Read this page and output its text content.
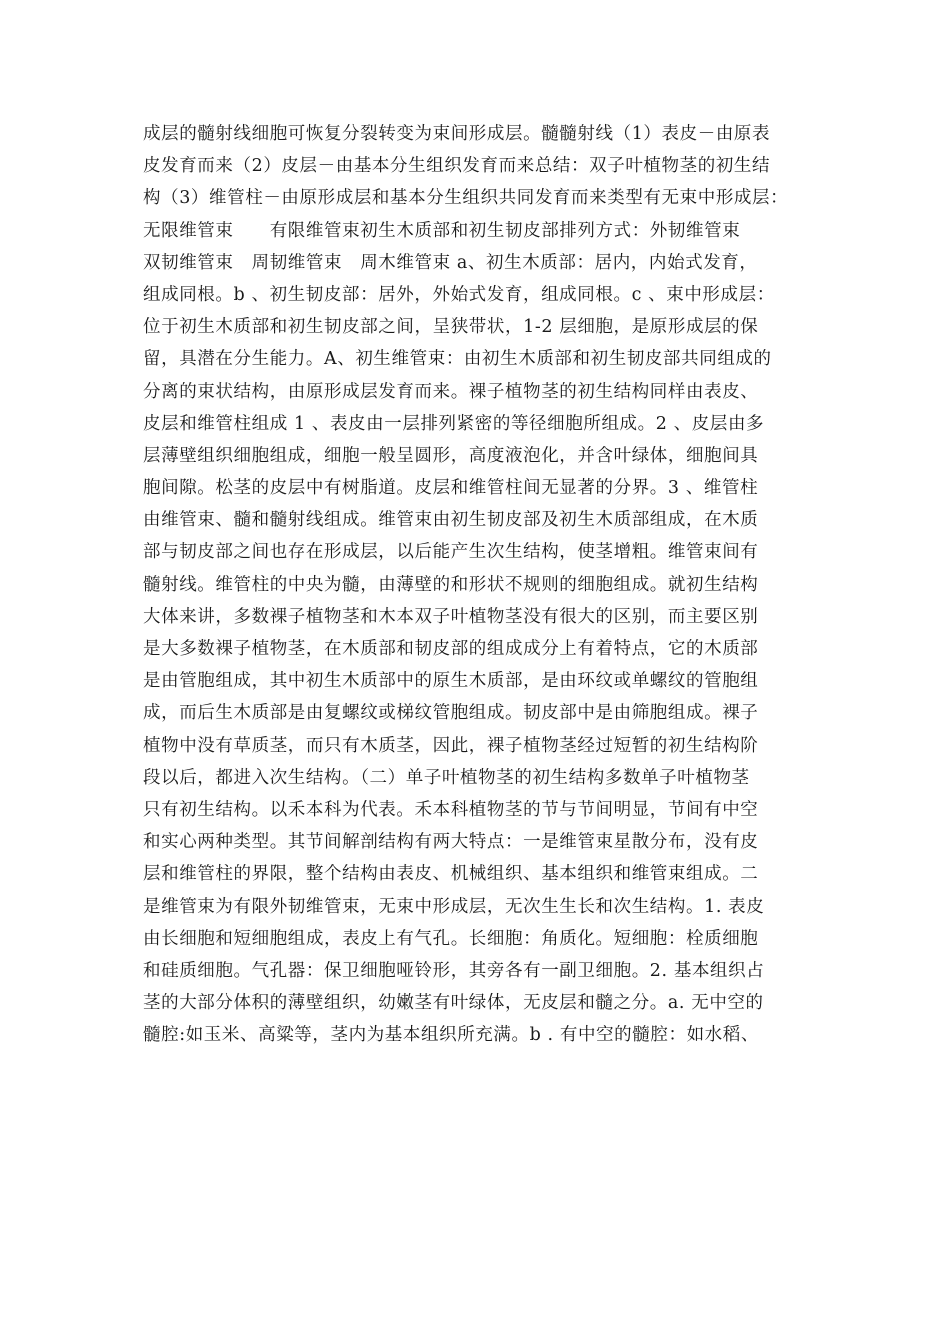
成层的髓射线细胞可恢复分裂转变为束间形成层。髓髓射线（1）表皮－由原表
皮发育而来（2）皮层－由基本分生组织发育而来总结：双子叶植物茎的初生结
构（3）维管柱－由原形成层和基本分生组织共同发育而来类型有无束中形成层：
无限维管束　　有限维管束初生木质部和初生韧皮部排列方式：外韧维管束
双韧维管束　周韧维管束　周木维管束 a、初生木质部：居内，内始式发育，
组成同根。b 、初生韧皮部：居外，外始式发育，组成同根。c 、束中形成层：
位于初生木质部和初生韧皮部之间，呈狭带状，1-2 层细胞，是原形成层的保
留，具潜在分生能力。A、初生维管束：由初生木质部和初生韧皮部共同组成的
分离的束状结构，由原形成层发育而来。裸子植物茎的初生结构同样由表皮、
皮层和维管柱组成 1 、表皮由一层排列紧密的等径细胞所组成。2 、皮层由多
层薄壁组织细胞组成，细胞一般呈圆形，高度液泡化，并含叶绿体，细胞间具
胞间隙。松茎的皮层中有树脂道。皮层和维管柱间无显著的分界。3 、维管柱
由维管束、髓和髓射线组成。维管束由初生韧皮部及初生木质部组成，在木质
部与韧皮部之间也存在形成层，以后能产生次生结构，使茎增粗。维管束间有
髓射线。维管柱的中央为髓，由薄壁的和形状不规则的细胞组成。就初生结构
大体来讲，多数裸子植物茎和木本双子叶植物茎没有很大的区别，而主要区别
是大多数裸子植物茎，在木质部和韧皮部的组成成分上有着特点，它的木质部
是由管胞组成，其中初生木质部中的原生木质部，是由环纹或单螺纹的管胞组
成，而后生木质部是由复螺纹或梯纹管胞组成。韧皮部中是由筛胞组成。裸子
植物中没有草质茎，而只有木质茎，因此，裸子植物茎经过短暂的初生结构阶
段以后，都进入次生结构。（二）单子叶植物茎的初生结构多数单子叶植物茎
只有初生结构。以禾本科为代表。禾本科植物茎的节与节间明显，节间有中空
和实心两种类型。其节间解剖结构有两大特点：一是维管束星散分布，没有皮
层和维管柱的界限，整个结构由表皮、机械组织、基本组织和维管束组成。二
是维管束为有限外韧维管束，无束中形成层，无次生生长和次生结构。1. 表皮
由长细胞和短细胞组成，表皮上有气孔。长细胞：角质化。短细胞：栓质细胞
和硅质细胞。气孔器：保卫细胞哑铃形，其旁各有一副卫细胞。2. 基本组织占
茎的大部分体积的薄壁组织，幼嫩茎有叶绿体，无皮层和髓之分。a. 无中空的
髓腔:如玉米、高粱等，茎内为基本组织所充满。b . 有中空的髓腔：如水稻、
